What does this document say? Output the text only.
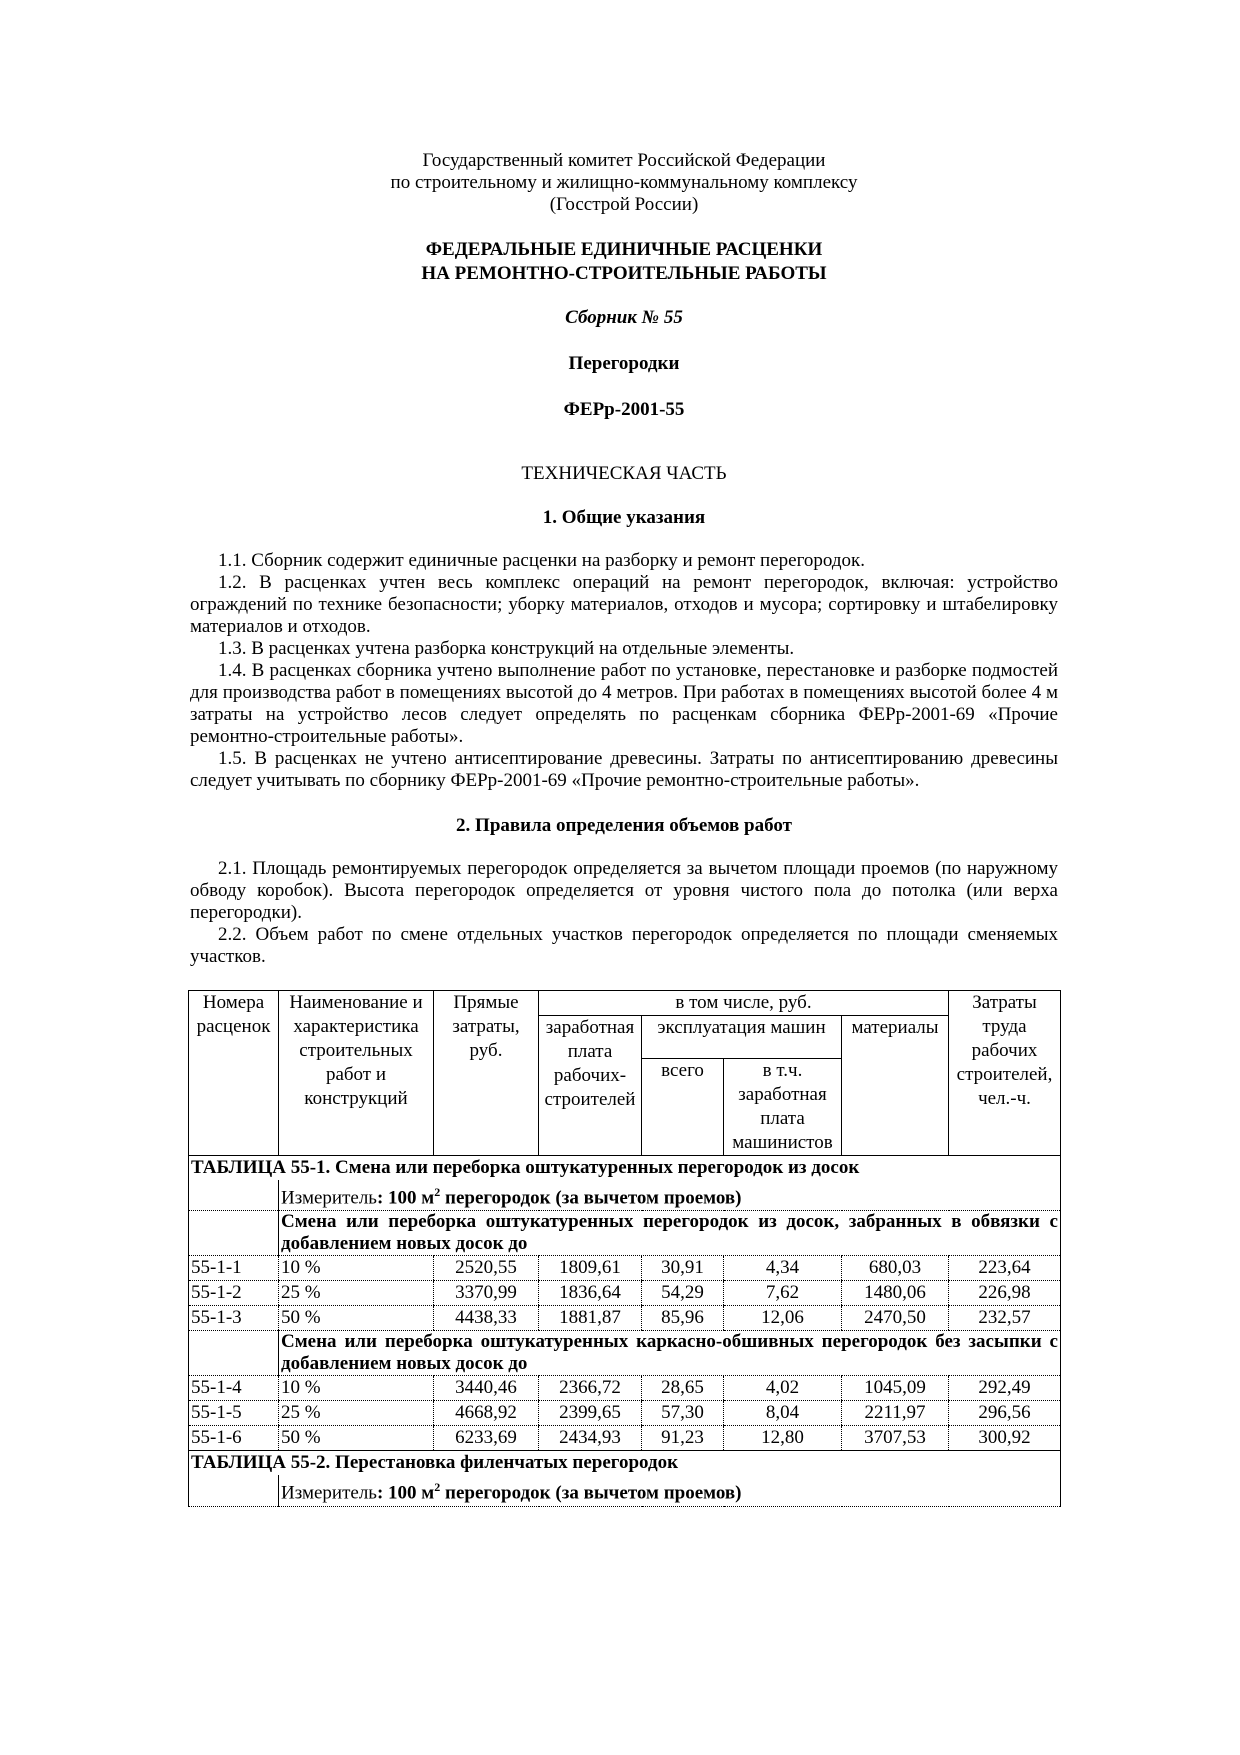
Государственный комитет Российской Федерации
по строительному и жилищно-коммунальному комплексу
(Госстрой России)
ФЕДЕРАЛЬНЫЕ ЕДИНИЧНЫЕ РАСЦЕНКИ
НА РЕМОНТНО-СТРОИТЕЛЬНЫЕ РАБОТЫ
Сборник № 55
Перегородки
ФЕРр-2001-55
ТЕХНИЧЕСКАЯ ЧАСТЬ
1. Общие указания

1.1. Сборник содержит единичные расценки на разборку и ремонт перегородок.

1.2. В расценках учтен весь комплекс операций на ремонт перегородок, включая: устройство ограждений по технике безопасности; уборку материалов, отходов и мусора; сортировку и штабелировку материалов и отходов.

1.3. В расценках учтена разборка конструкций на отдельные элементы.

1.4. В расценках сборника учтено выполнение работ по установке, перестановке и разборке подмостей для производства работ в помещениях высотой до 4 метров. При работах в помещениях высотой более 4 м затраты на устройство лесов следует определять по расценкам сборника ФЕРр-2001-69 «Прочие ремонтно-строительные работы».

1.5. В расценках не учтено антисептирование древесины. Затраты по антисептированию древесины следует учитывать по сборнику ФЕРр-2001-69 «Прочие ремонтно-строительные работы».

2. Правила определения объемов работ

2.1. Площадь ремонтируемых перегородок определяется за вычетом площади проемов (по наружному обводу коробок). Высота перегородок определяется от уровня чистого пола до потолка (или верха перегородки).

2.2. Объем работ по смене отдельных участков перегородок определяется по площади сменяемых участков.

Номера расценок	Наименование и характеристика строительных работ и конструкций	Прямые затраты, руб.	в том числе, руб.				Затраты труда рабочих строителей, чел.-ч.
			заработная плата рабочих-строителей	эксплуатация машин		материалы	
				всего	в т.ч. заработная плата машинистов		
ТАБЛИЦА 55-1. Смена или переборка оштукатуренных перегородок из досок							
	Измеритель: 100 $м^2$ перегородок (за вычетом проемов)						
	Смена или переборка оштукатуренных перегородок из досок, забранных в обвязки с добавлением новых досок до						
55-1-1	10 %	2520,55	1809,61	30,91	4,34	680,03	223,64
55-1-2	25 %	3370,99	1836,64	54,29	7,62	1480,06	226,98
55-1-3	50 %	4438,33	1881,87	85,96	12,06	2470,50	232,57
	Смена или переборка оштукатуренных каркасно-обшивных перегородок без засыпки с добавлением новых досок до						
55-1-4	10 %	3440,46	2366,72	28,65	4,02	1045,09	292,49
55-1-5	25 %	4668,92	2399,65	57,30	8,04	2211,97	296,56
55-1-6	50 %	6233,69	2434,93	91,23	12,80	3707,53	300,92
ТАБЛИЦА 55-2. Перестановка филенчатых перегородок							
	Измеритель: 100 $м^2$ перегородок (за вычетом проемов)						
